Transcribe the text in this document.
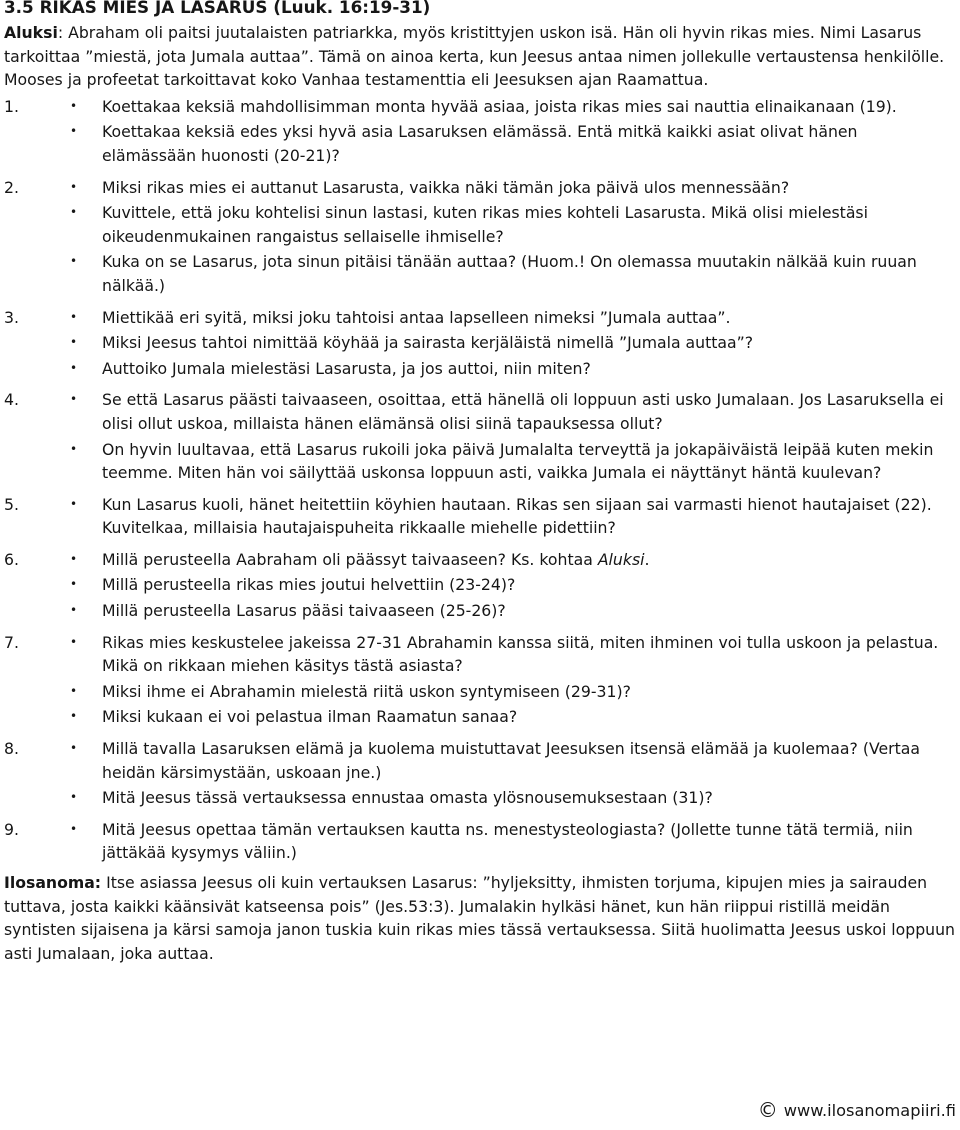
3.5 RIKAS MIES JA LASARUS (Luuk. 16:19-31)
Aluksi: Abraham oli paitsi juutalaisten patriarkka, myös kristittyjen uskon isä. Hän oli hyvin rikas mies. Nimi Lasarus tarkoittaa ”miestä, jota Jumala auttaa”. Tämä on ainoa kerta, kun Jeesus antaa nimen jollekulle vertaustensa henkilölle. Mooses ja profeetat tarkoittavat koko Vanhaa testamenttia eli Jeesuksen ajan Raamattua.
1.	•	Koettakaa keksiä mahdollisimman monta hyvää asiaa, joista rikas mies sai nauttia elinaikanaan (19).
•	Koettakaa keksiä edes yksi hyvä asia Lasaruksen elämässä. Entä mitkä kaikki asiat olivat hänen elämässään huonosti (20-21)?
2.	•	Miksi rikas mies ei auttanut Lasarusta, vaikka näki tämän joka päivä ulos mennessään?
•	Kuvittele, että joku kohtelisi sinun lastasi, kuten rikas mies kohteli Lasarusta. Mikä olisi mielestäsi oikeudenmukainen rangaistus sellaiselle ihmiselle?
•	Kuka on se Lasarus, jota sinun pitäisi tänään auttaa? (Huom.! On olemassa muutakin nälkää kuin ruuan nälkää.)
3.	•	Miettikää eri syitä, miksi joku tahtoisi antaa lapselleen nimeksi ”Jumala auttaa”.
•	Miksi Jeesus tahtoi nimittää köyhää ja sairasta kerjäläistä nimellä ”Jumala auttaa”?
•	Auttoiko Jumala mielestäsi Lasarusta, ja jos auttoi, niin miten?
4.	•	Se että Lasarus päästi taivaaseen, osoittaa, että hänellä oli loppuun asti usko Jumalaan. Jos Lasaruksella ei olisi ollut uskoa, millaista hänen elämänsä olisi siinä tapauksessa ollut?
•	On hyvin luultavaa, että Lasarus rukoili joka päivä Jumalalta terveyttä ja jokapäiväistä leipää kuten mekin teemme. Miten hän voi säilyttää uskonsa loppuun asti, vaikka Jumala ei näyttänyt häntä kuulevan?
5.	•	Kun Lasarus kuoli, hänet heitettiin köyhien hautaan. Rikas sen sijaan sai varmasti hienot hautajaiset (22). Kuvitelkaa, millaisia hautajaispuheita rikkaalle miehelle pidettiin?
6.	•	Millä perusteella Aabraham oli päässyt taivaaseen? Ks. kohtaa Aluksi.
•	Millä perusteella rikas mies joutui helvettiin (23-24)?
•	Millä perusteella Lasarus pääsi taivaaseen (25-26)?
7.	•	Rikas mies keskustelee jakeissa 27-31 Abrahamin kanssa siitä, miten ihminen voi tulla uskoon ja pelastua. Mikä on rikkaan miehen käsitys tästä asiasta?
•	Miksi ihme ei Abrahamin mielestä riitä uskon syntymiseen (29-31)?
•	Miksi kukaan ei voi pelastua ilman Raamatun sanaa?
8.	•	Millä tavalla Lasaruksen elämä ja kuolema muistuttavat Jeesuksen itsensä elämää ja kuolemaa? (Vertaa heidän kärsimystään, uskoaan jne.)
•	Mitä Jeesus tässä vertauksessa ennustaa omasta ylösnousemuksestaan (31)?
9.	•	Mitä Jeesus opettaa tämän vertauksen kautta ns. menestysteologiasta? (Jollette tunne tätä termiä, niin jättäkää kysymys väliin.)
Ilosanoma: Itse asiassa Jeesus oli kuin vertauksen Lasarus: ”hyljeksitty, ihmisten torjuma, kipujen mies ja sairauden tuttava, josta kaikki käänsivät katseensa pois” (Jes.53:3). Jumalakin hylkäsi hänet, kun hän riippui ristillä meidän syntisten sijaisena ja kärsi samoja janon tuskia kuin rikas mies tässä vertauksessa. Siitä huolimatta Jeesus uskoi loppuun asti Jumalaan, joka auttaa.
© www.ilosanomapiiri.fi
